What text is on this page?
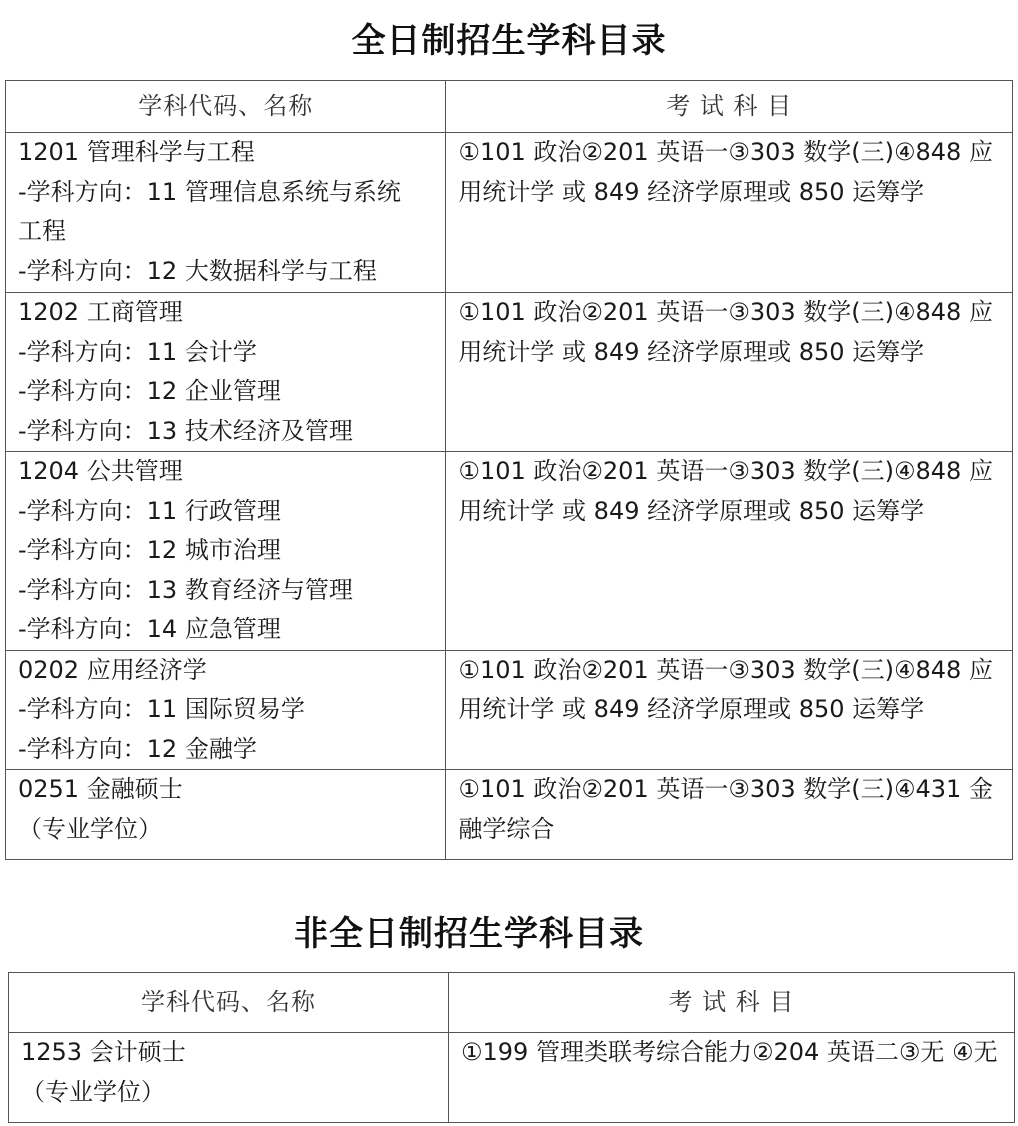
全日制招生学科目录
学科代码、名称	考 试 科 目

1201 管理科学与工程
-学科方向：11 管理信息系统与系统
工程
-学科方向：12 大数据科学与工程	①101 政治②201 英语一③303 数学(三)④848 应用统计学 或 849 经济学原理或 850 运筹学

1202 工商管理
-学科方向：11 会计学
-学科方向：12 企业管理
-学科方向：13 技术经济及管理	①101 政治②201 英语一③303 数学(三)④848 应用统计学 或 849 经济学原理或 850 运筹学

1204 公共管理
-学科方向：11 行政管理
-学科方向：12 城市治理
-学科方向：13 教育经济与管理
-学科方向：14 应急管理	①101 政治②201 英语一③303 数学(三)④848 应用统计学 或 849 经济学原理或 850 运筹学

0202 应用经济学
-学科方向：11 国际贸易学
-学科方向：12 金融学	①101 政治②201 英语一③303 数学(三)④848 应用统计学 或 849 经济学原理或 850 运筹学

0251 金融硕士
（专业学位）	①101 政治②201 英语一③303 数学(三)④431 金融学综合
非全日制招生学科目录
学科代码、名称	考 试 科 目

1253 会计硕士
（专业学位）	①199 管理类联考综合能力②204 英语二③无 ④无
